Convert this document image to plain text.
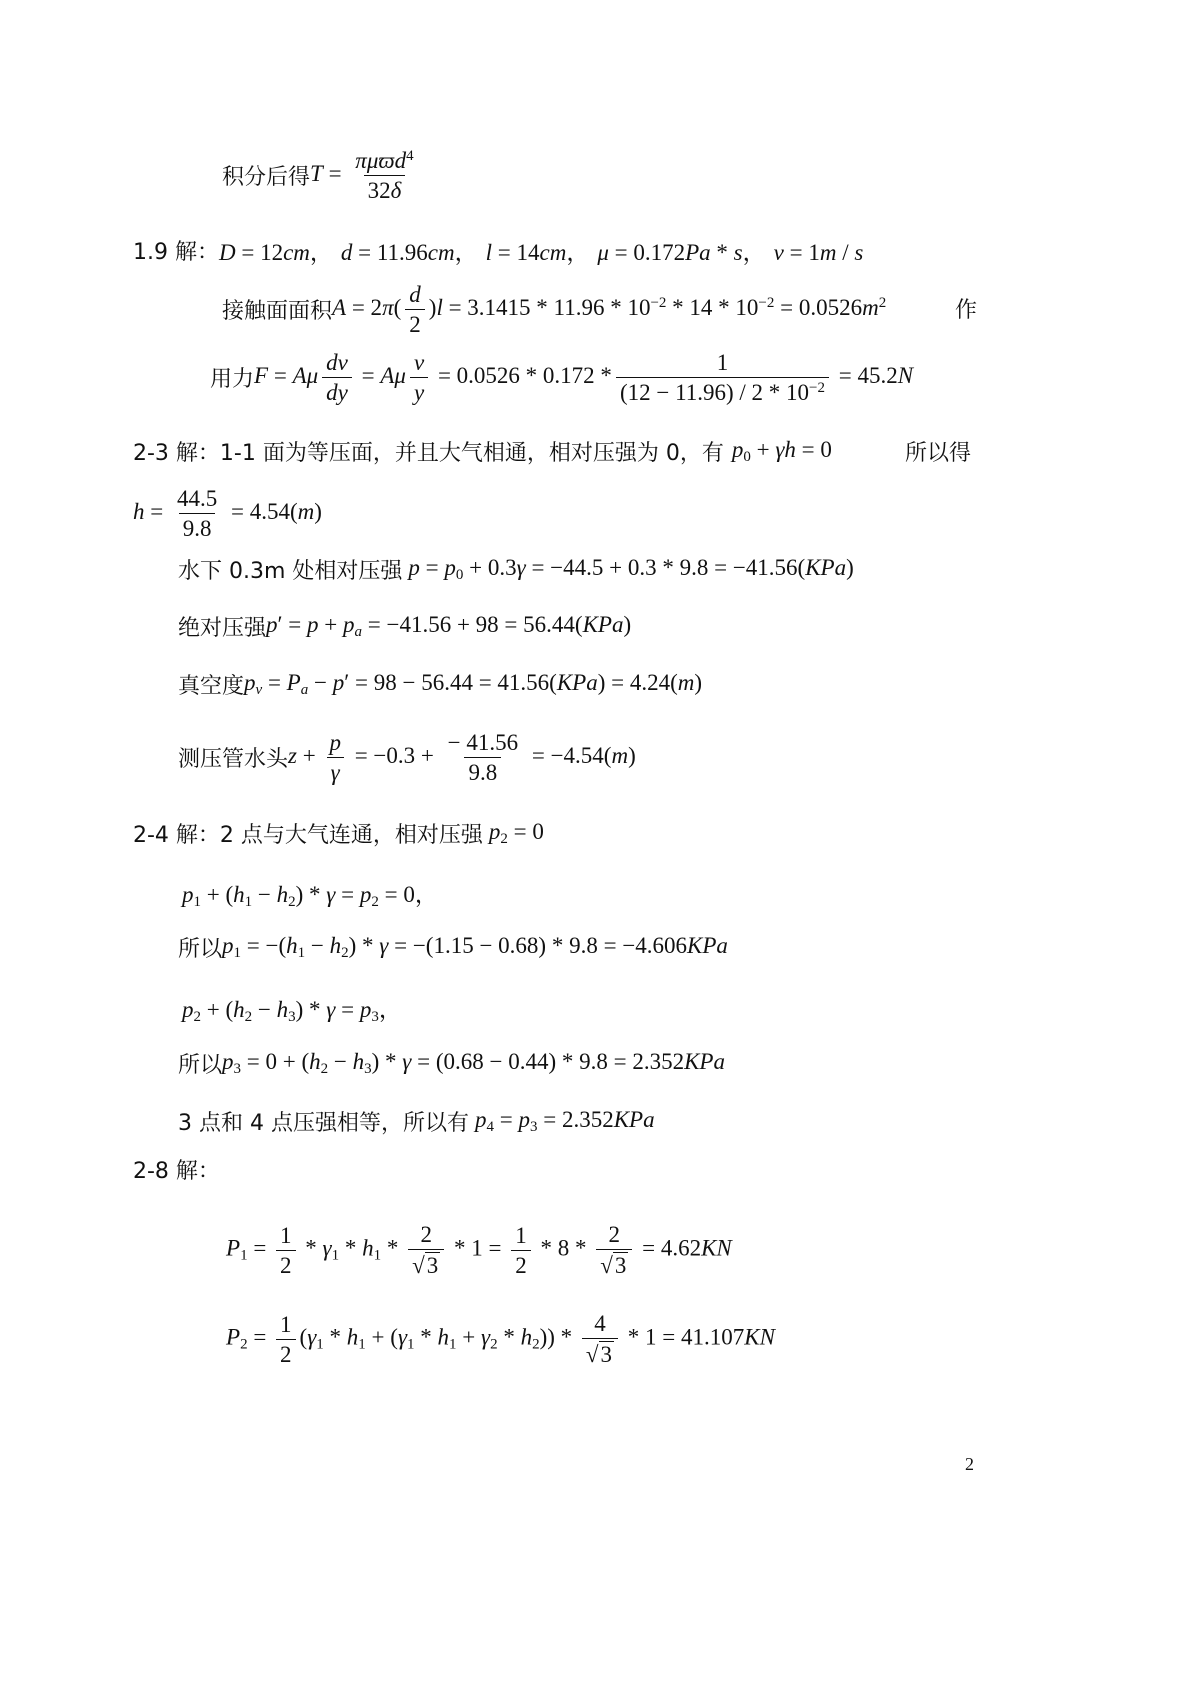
积分后得 $T = \frac{\pi\mu ϖd^4}{32\delta}$
1.9 解： D = 12cm， d = 11.96cm， l = 14cm， μ = 0.172Pa * s， v = 1m / s
接触面面积 $A = 2\pi( \frac{d}{2} )l = 3.1415 * 11.96 * 10^{-2} * 14 * 10^{-2} = 0.0526m^2$	作
用力 F = Aμ $\frac{dv}{dy} = A\mu \frac{v}{y} = 0.0526 * 0.172 * \frac{1}{(12 - 11.96) / 2 * 10^{-2}} = 45.2N$
2-3 解：1-1 面为等压面，并且大气相通，相对压强为 0，有 $p_0 + \gamma h = 0$	所以得
$h = \frac{44.5}{9.8} = 4.54(m)$
水下 0.3m 处相对压强 $p = p_0 + 0.3\gamma = -44.5 + 0.3 * 9.8 = -41.56(KPa)$
绝对压强 $p' = p + p_a = -41.56 + 98 = 56.44(KPa)$
真空度 $p_v = P_a - p' = 98 - 56.44 = 41.56(KPa) = 4.24(m)$
测压管水头 $z + \frac{p}{\gamma} = -0.3 + \frac{- 41.56}{9.8} = -4.54(m)$
2-4 解：2 点与大气连通，相对压强 $p_2 = 0$
$p_1 + (h_1 - h_2) * \gamma = p_2 = 0$，
所以 $p_1 = -(h_1 - h_2) * \gamma = -(1.15 - 0.68) * 9.8 = -4.606KPa$
$p_2 + (h_2 - h_3) * \gamma = p_3$，
所以 $p_3 = 0 + (h_2 - h_3) * \gamma = (0.68 - 0.44) * 9.8 = 2.352KPa$
3 点和 4 点压强相等，所以有 $p_4 = p_3 = 2.352KPa$
2-8 解：
$P_1 = \frac{1}{2} * \gamma_1 * h_1 * \frac{2}{√ 3} * 1 = \frac{1}{2} * 8 * \frac{2}{√ 3} = 4.62KN$
$P_2 = \frac{1}{2} (\gamma_1 * h_1 + (\gamma_1 * h_1 + \gamma_2 * h_2)) * \frac{4}{√ 3} * 1 = 41.107KN$
2
